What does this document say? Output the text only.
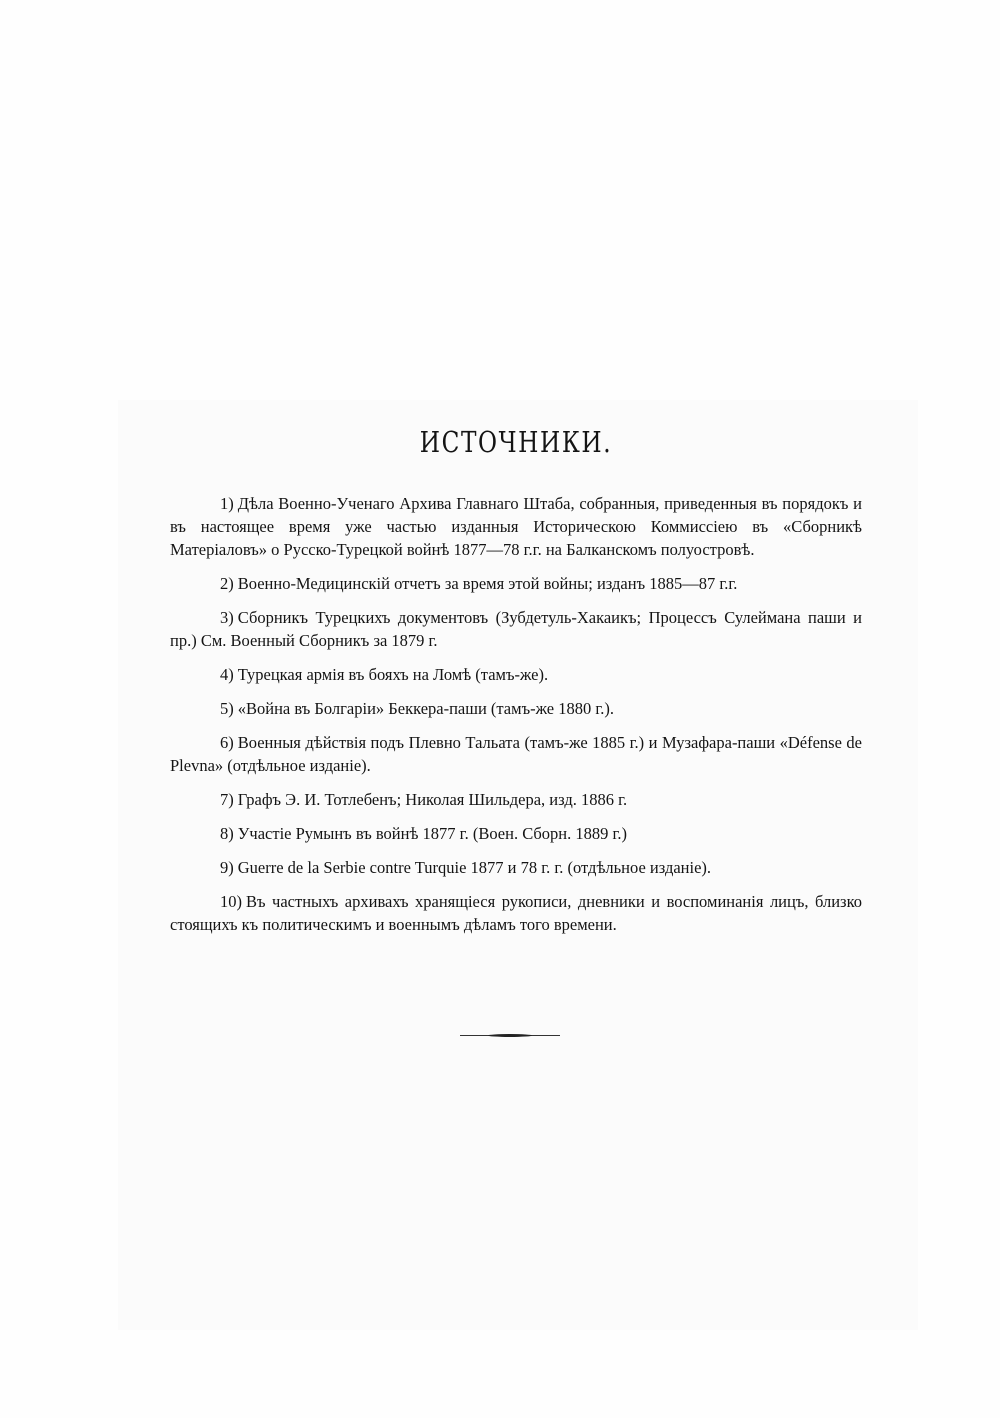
ИСТОЧНИКИ.
1) Дѣла Военно-Ученаго Архива Главнаго Штаба, собранныя, приведенныя въ порядокъ и въ настоящее время уже частью изданныя Историческою Коммиссіею въ «Сборникѣ Матеріаловъ» о Русско-Турецкой войнѣ 1877—78 г.г. на Балканскомъ полуостровѣ.
2) Военно-Медицинскій отчетъ за время этой войны; изданъ 1885—87 г.г.
3) Сборникъ Турецкихъ документовъ (Зубдетуль-Хакаикъ; Процессъ Сулеймана паши и пр.) См. Военный Сборникъ за 1879 г.
4) Турецкая армія въ бояхъ на Ломѣ (тамъ-же).
5) «Война въ Болгаріи» Беккера-паши (тамъ-же 1880 г.).
6) Военныя дѣйствія подъ Плевно Тальата (тамъ-же 1885 г.) и Музафара-паши «Défense de Plevna» (отдѣльное изданіе).
7) Графъ Э. И. Тотлебенъ; Николая Шильдера, изд. 1886 г.
8) Участіе Румынъ въ войнѣ 1877 г. (Воен. Сборн. 1889 г.)
9) Guerre de la Serbie contre Turquie 1877 и 78 г. г. (отдѣльное изданіе).
10) Въ частныхъ архивахъ хранящіеся рукописи, дневники и воспоминанія лицъ, близко стоящихъ къ политическимъ и военнымъ дѣламъ того времени.
